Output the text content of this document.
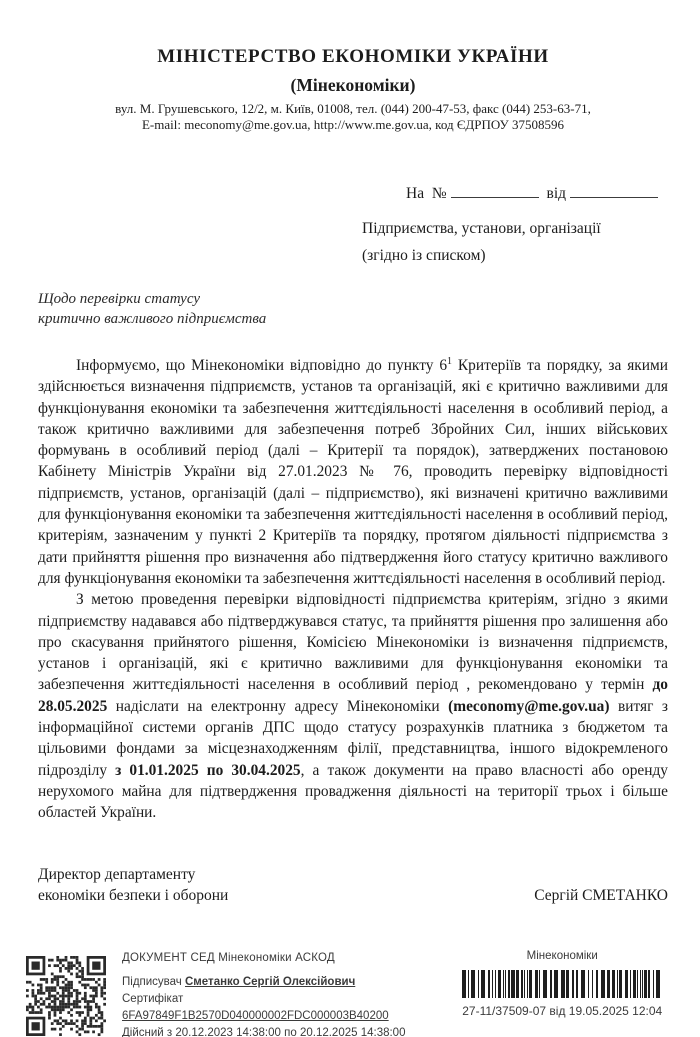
МІНІСТЕРСТВО ЕКОНОМІКИ УКРАЇНИ
(Мінекономіки)
вул. М. Грушевського, 12/2, м. Київ, 01008, тел. (044) 200-47-53, факс (044) 253-63-71,
E-mail: meconomy@me.gov.ua, http://www.me.gov.ua, код ЄДРПОУ 37508596
На №	від
Підприємства, установи, організації
(згідно із списком)
Щодо перевірки статусу
критично важливого підприємства

Інформуємо, що Мінекономіки відповідно до пункту $6^1$ Критеріїв та порядку, за якими здійснюється визначення підприємств, установ та організацій, які є критично важливими для функціонування економіки та забезпечення життєдіяльності населення в особливий період, а також критично важливими для забезпечення потреб Збройних Сил, інших військових формувань в особливий період (далі – Критерії та порядок), затверджених постановою Кабінету Міністрів України від 27.01.2023 № 76, проводить перевірку відповідності підприємств, установ, організацій (далі – підприємство), які визначені критично важливими для функціонування економіки та забезпечення життєдіяльності населення в особливий період, критеріям, зазначеним у пункті 2 Критеріїв та порядку, протягом діяльності підприємства з дати прийняття рішення про визначення або підтвердження його статусу критично важливого для функціонування економіки та забезпечення життєдіяльності населення в особливий період.

З метою проведення перевірки відповідності підприємства критеріям, згідно з якими підприємству надавався або підтверджувався статус, та прийняття рішення про залишення або про скасування прийнятого рішення, Комісією Мінекономіки із визначення підприємств, установ і організацій, які є критично важливими для функціонування економіки та забезпечення життєдіяльності населення в особливий період , рекомендовано у термін до 28.05.2025 надіслати на електронну адресу Мінекономіки (meconomy@me.gov.ua) витяг з інформаційної системи органів ДПС щодо статусу розрахунків платника з бюджетом та цільовими фондами за місцезнаходженням філії, представництва, іншого відокремленого підрозділу з 01.01.2025 по 30.04.2025, а також документи на право власності або оренду нерухомого майна для підтвердження провадження діяльності на території трьох і більше областей України.

Директор департаменту
економіки безпеки і оборони	Сергій СМЕТАНКО
ДОКУМЕНТ СЕД Мінекономіки АСКОД
Підписувач Сметанко Сергій Олексійович
Сертифікат 6FA97849F1B2570D040000002FDC000003B40200
Дійсний з 20.12.2023 14:38:00 по 20.12.2025 14:38:00
Мінекономіки
27-11/37509-07 від 19.05.2025 12:04
